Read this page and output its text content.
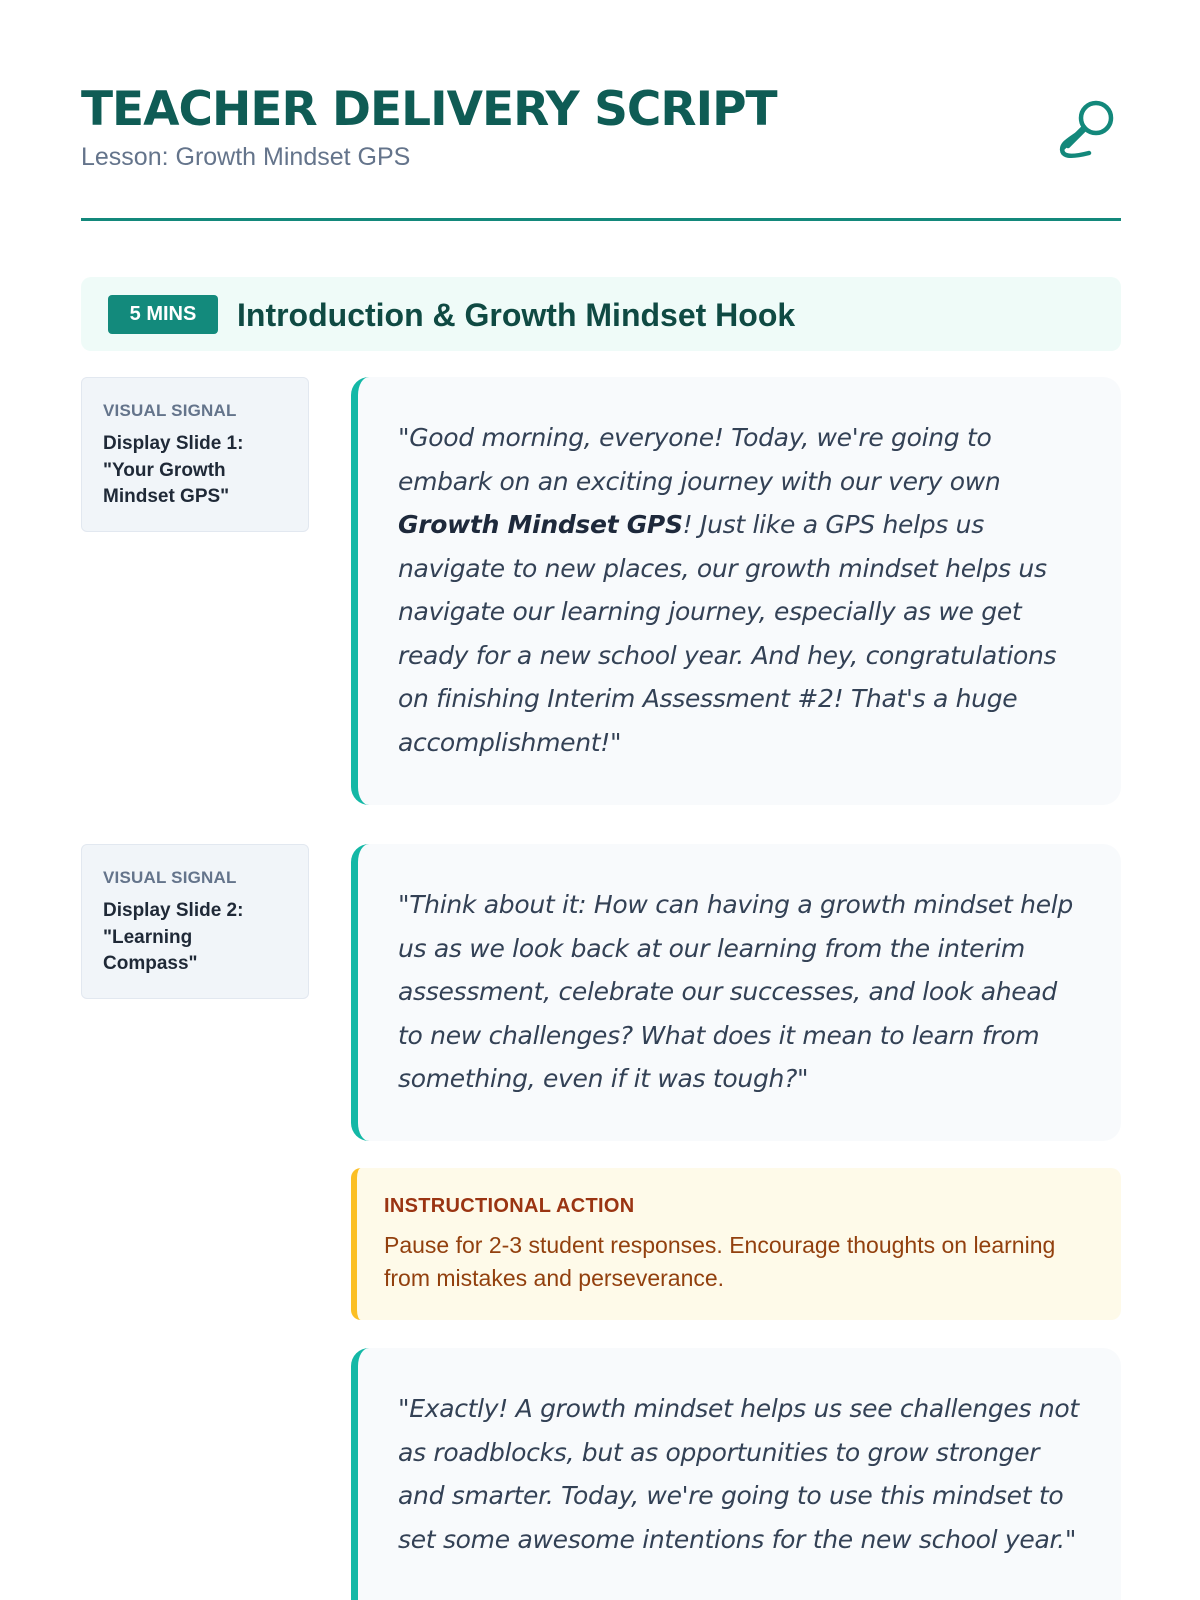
TEACHER DELIVERY SCRIPT
Lesson: Growth Mindset GPS
5 MINS	Introduction & Growth Mindset Hook
VISUAL SIGNAL
Display Slide 1: "Your Growth Mindset GPS"
"Good morning, everyone! Today, we're going to embark on an exciting journey with our very own Growth Mindset GPS! Just like a GPS helps us navigate to new places, our growth mindset helps us navigate our learning journey, especially as we get ready for a new school year. And hey, congratulations on finishing Interim Assessment #2! That's a huge accomplishment!"
VISUAL SIGNAL
Display Slide 2: "Learning Compass"
"Think about it: How can having a growth mindset help us as we look back at our learning from the interim assessment, celebrate our successes, and look ahead to new challenges? What does it mean to learn from something, even if it was tough?"
INSTRUCTIONAL ACTION
Pause for 2-3 student responses. Encourage thoughts on learning from mistakes and perseverance.
"Exactly! A growth mindset helps us see challenges not as roadblocks, but as opportunities to grow stronger and smarter. Today, we're going to use this mindset to set some awesome intentions for the new school year."
